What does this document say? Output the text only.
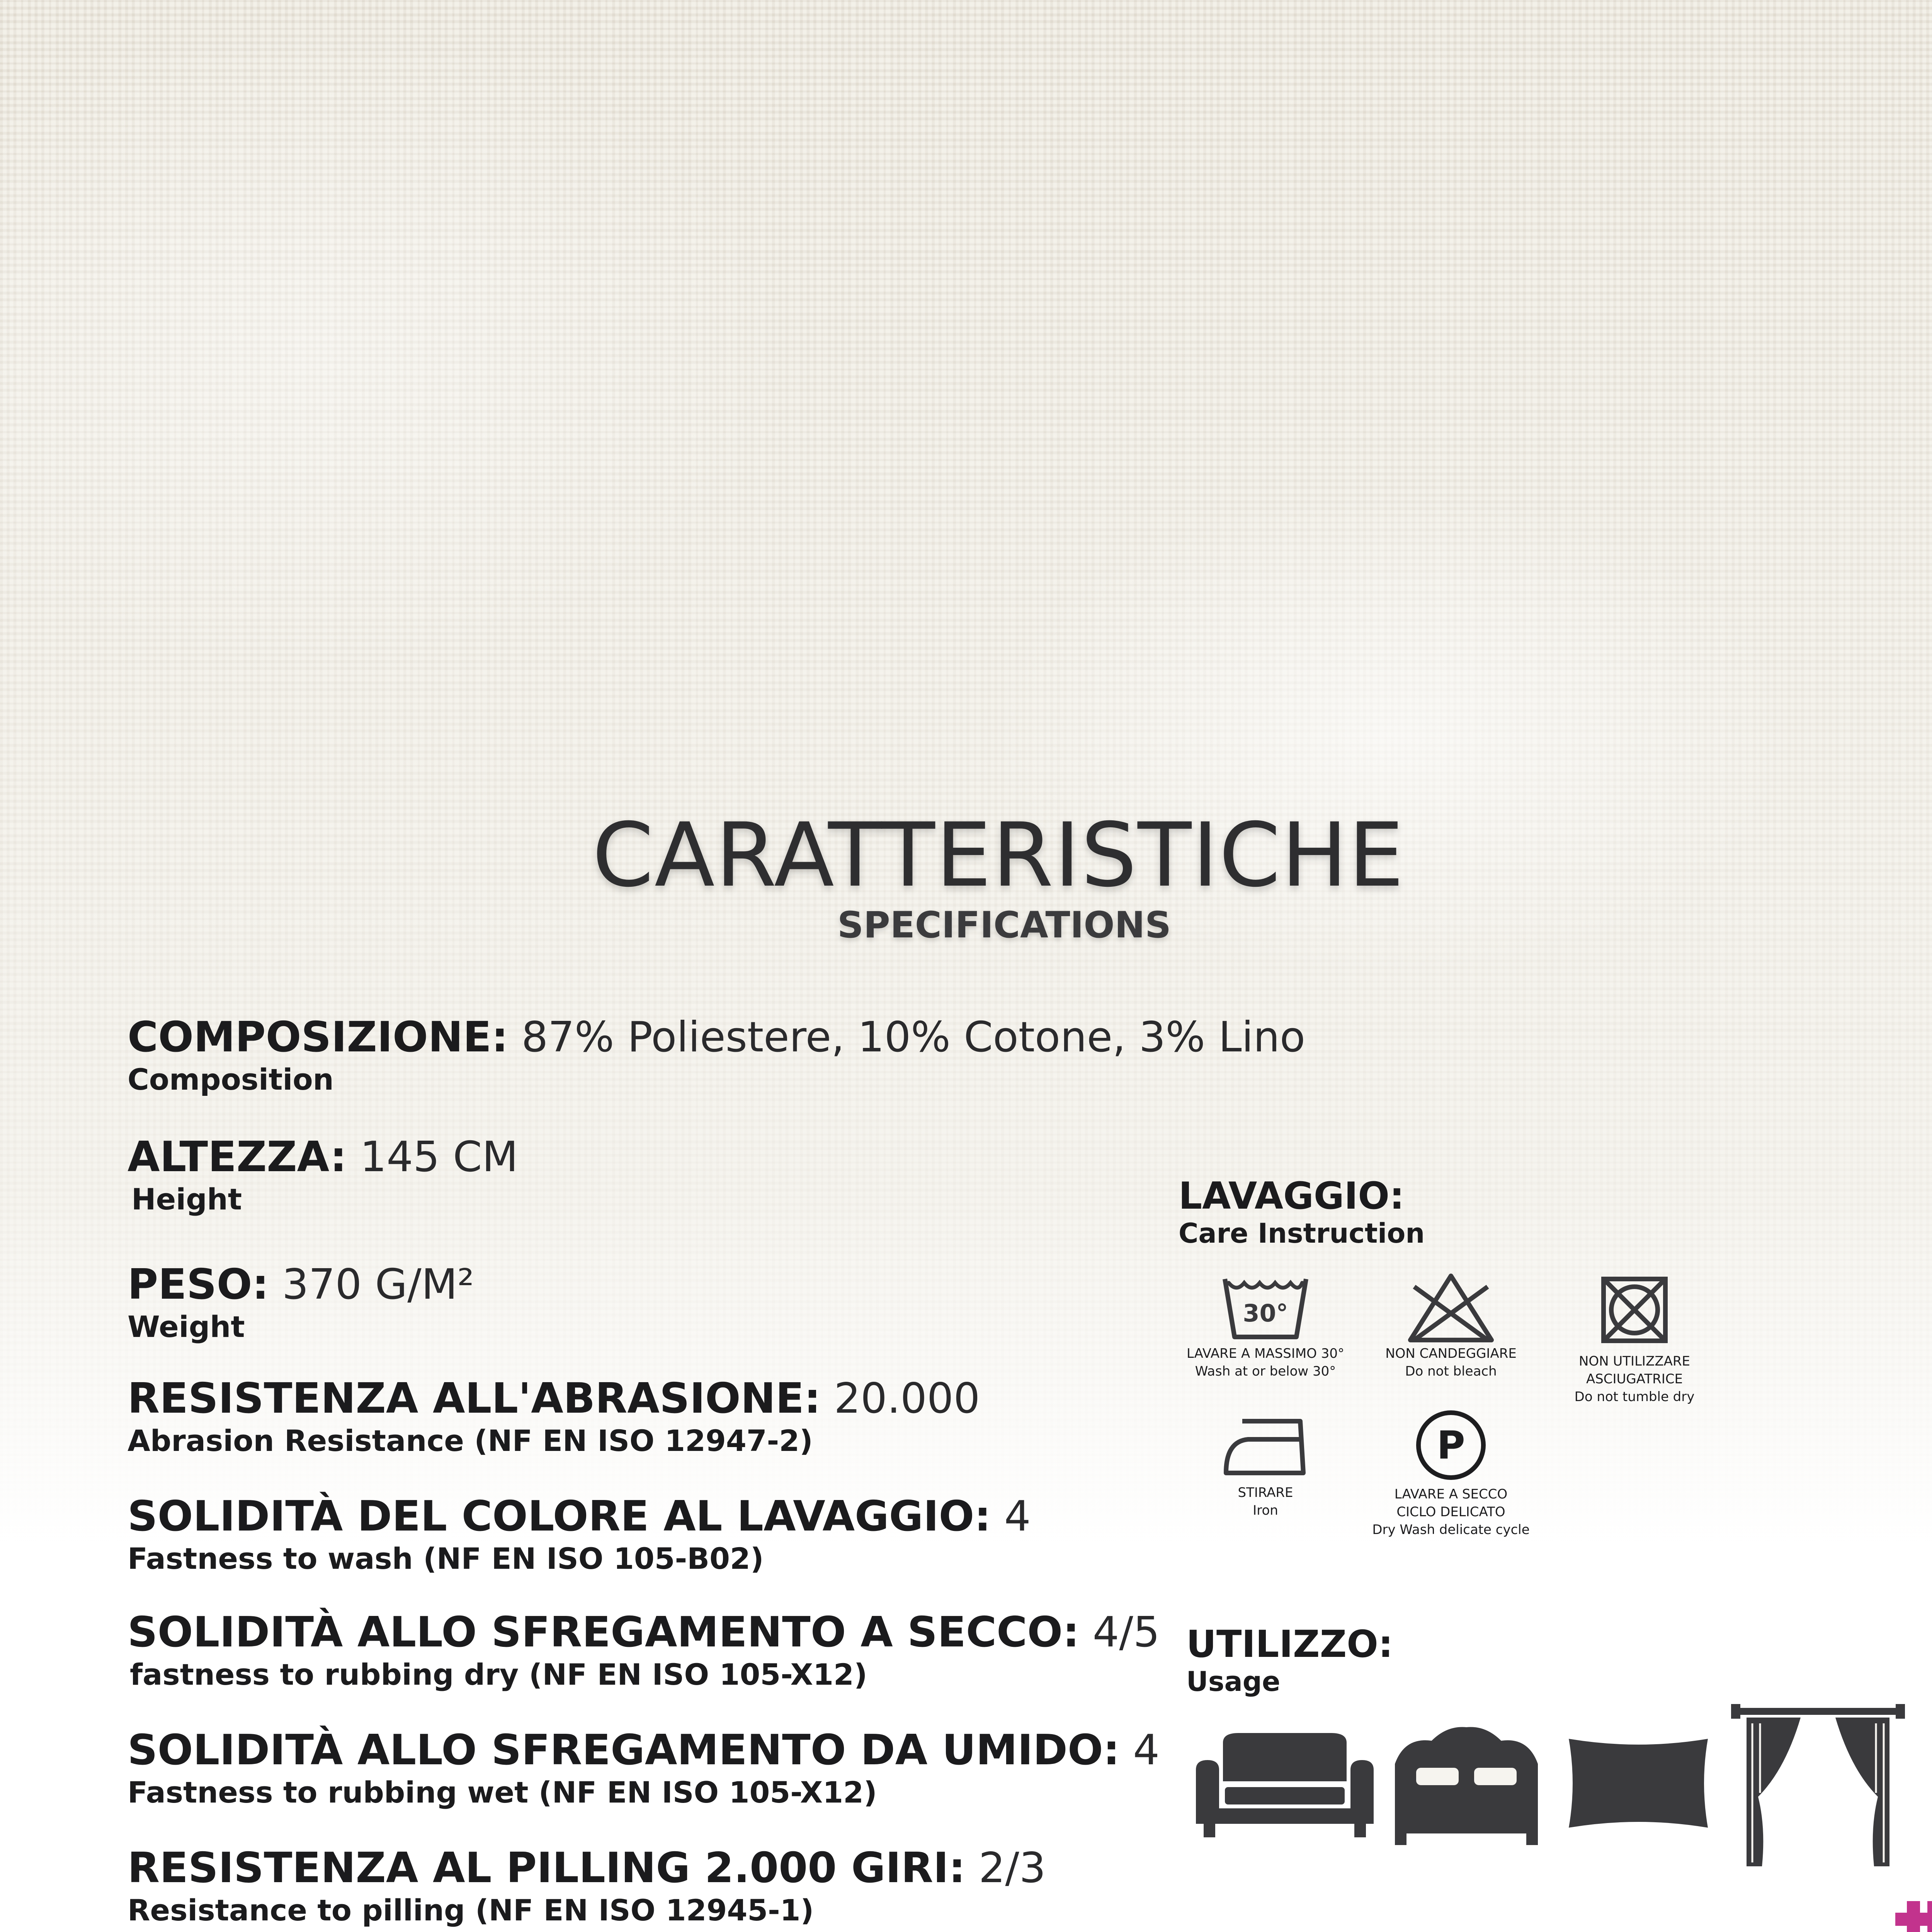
CARATTERISTICHE
SPECIFICATIONS
COMPOSIZIONE: 87% Poliestere, 10% Cotone, 3% Lino
Composition
ALTEZZA: 145 CM
Height
PESO: 370 G/M²
Weight
RESISTENZA ALL'ABRASIONE: 20.000
Abrasion Resistance (NF EN ISO 12947-2)
SOLIDITÀ DEL COLORE AL LAVAGGIO: 4
Fastness to wash (NF EN ISO 105-B02)
SOLIDITÀ ALLO SFREGAMENTO A SECCO: 4/5
fastness to rubbing dry (NF EN ISO 105-X12)
SOLIDITÀ ALLO SFREGAMENTO DA UMIDO: 4
Fastness to rubbing wet (NF EN ISO 105-X12)
RESISTENZA AL PILLING 2.000 GIRI: 2/3
Resistance to pilling (NF EN ISO 12945-1)
LAVAGGIO:
Care Instruction
30°
LAVARE A MASSIMO 30°
Wash at or below 30°
NON CANDEGGIARE
Do not bleach
NON UTILIZZARE
ASCIUGATRICE
Do not tumble dry
STIRARE
Iron
P
LAVARE A SECCO
CICLO DELICATO
Dry Wash delicate cycle
UTILIZZO:
Usage
